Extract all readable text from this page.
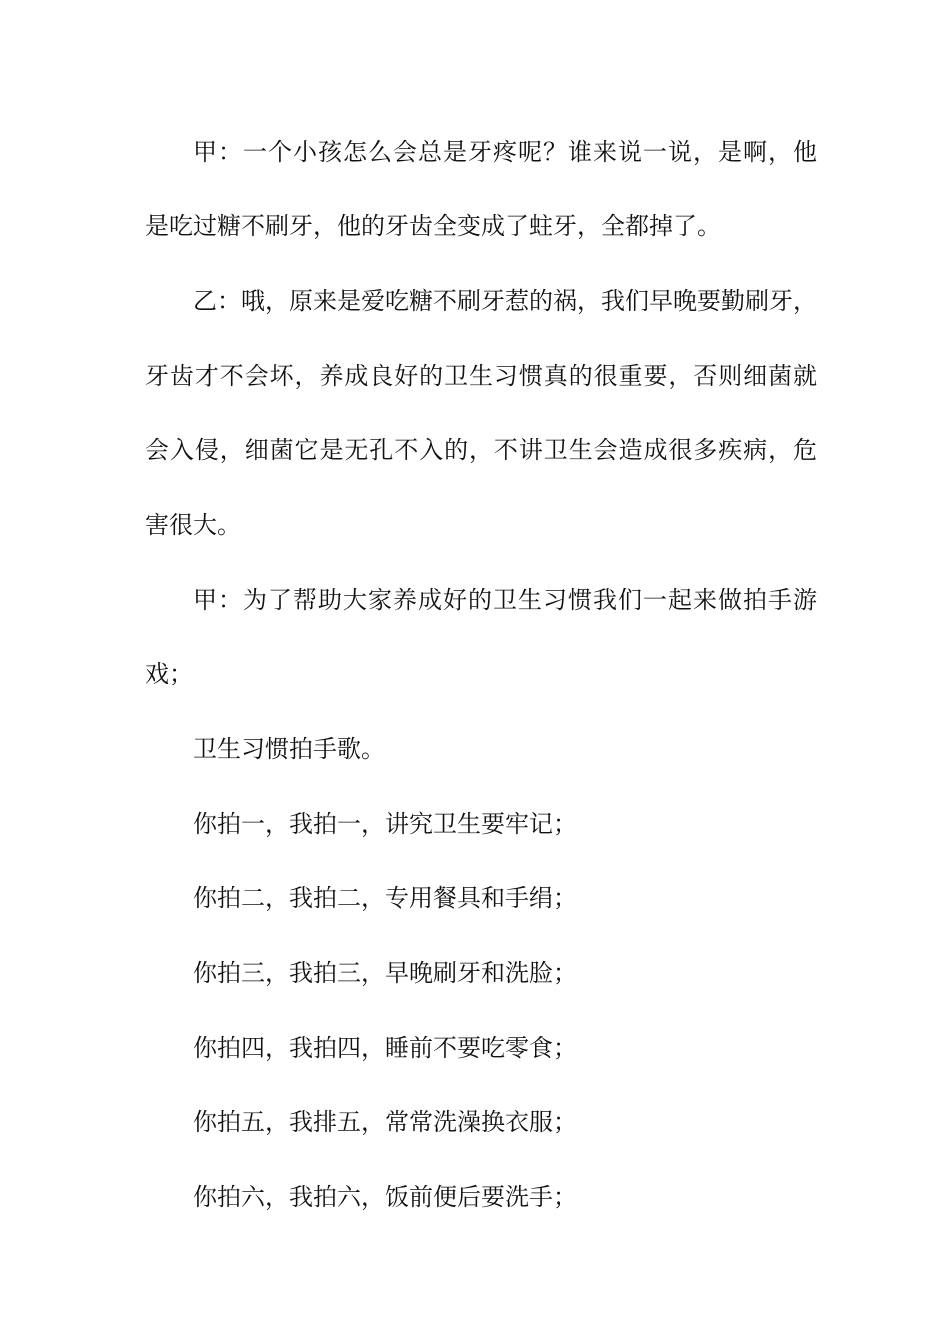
甲：一个小孩怎么会总是牙疼呢？谁来说一说，是啊，他
是吃过糖不刷牙，他的牙齿全变成了蛀牙，全都掉了。
乙：哦，原来是爱吃糖不刷牙惹的祸，我们早晚要勤刷牙，
牙齿才不会坏，养成良好的卫生习惯真的很重要，否则细菌就
会入侵，细菌它是无孔不入的，不讲卫生会造成很多疾病，危
害很大。
甲：为了帮助大家养成好的卫生习惯我们一起来做拍手游
戏；
卫生习惯拍手歌。
你拍一，我拍一，讲究卫生要牢记；
你拍二，我拍二，专用餐具和手绢；
你拍三，我拍三，早晚刷牙和洗脸；
你拍四，我拍四，睡前不要吃零食；
你拍五，我排五，常常洗澡换衣服；
你拍六，我拍六，饭前便后要洗手；
